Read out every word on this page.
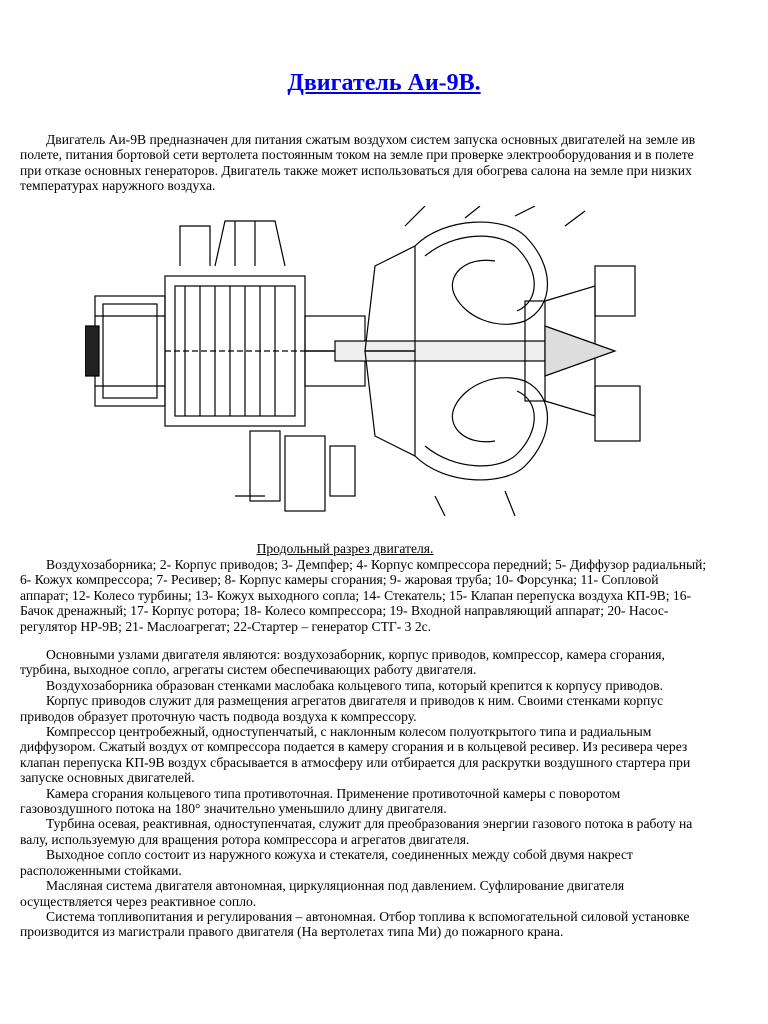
Двигатель Аи-9В.

Двигатель Аи-9В предназначен для питания сжатым воздухом систем запуска основных двигателей на земле ив полете, питания бортовой сети вертолета постоянным током на земле при проверке электрооборудования и в полете при отказе основных генераторов. Двигатель также может использоваться для обогрева салона на земле при низких температурах наружного воздуха.

Продольный разрез двигателя.

Воздухозаборника; 2- Корпус приводов; 3- Демпфер; 4- Корпус компрессора передний; 5- Диффузор радиальный; 6- Кожух компрессора; 7- Ресивер; 8- Корпус камеры сгорания; 9- жаровая труба; 10- Форсунка; 11- Сопловой аппарат; 12- Колесо турбины; 13- Кожух выходного сопла; 14- Стекатель; 15- Клапан перепуска воздуха КП-9В; 16- Бачок дренажный; 17- Корпус ротора; 18- Колесо компрессора; 19- Входной направляющий аппарат; 20- Насос-регулятор НР-9В; 21- Маслоагрегат; 22-Стартер – генератор СТГ- 3 2с.

Основными узлами двигателя являются: воздухозаборник, корпус приводов, компрессор, камера сгорания, турбина, выходное сопло, агрегаты систем обеспечивающих работу двигателя.

Воздухозаборника образован стенками маслобака кольцевого типа, который крепится к корпусу приводов.

Корпус приводов служит для размещения агрегатов двигателя и приводов к ним. Своими стенками корпус приводов образует проточную часть подвода воздуха к компрессору.

Компрессор центробежный, одноступенчатый, с наклонным колесом полуоткрытого типа и радиальным диффузором. Сжатый воздух от компрессора подается в камеру сгорания и в кольцевой ресивер. Из ресивера через клапан перепуска КП-9В воздух сбрасывается в атмосферу или отбирается для раскрутки воздушного стартера при запуске основных двигателей.

Камера сгорания кольцевого типа противоточная. Применение противоточной камеры с поворотом газовоздушного потока на 180° значительно уменьшило длину двигателя.

Турбина осевая, реактивная, одноступенчатая, служит для преобразования энергии газового потока в работу на валу, используемую для вращения ротора компрессора и агрегатов двигателя.

Выходное сопло состоит из наружного кожуха и стекателя, соединенных между собой двумя накрест расположенными стойками.

Масляная система двигателя автономная, циркуляционная под давлением. Суфлирование двигателя осуществляется через реактивное сопло.

Система топливопитания и регулирования – автономная. Отбор топлива к вспомогательной силовой установке производится из магистрали правого двигателя (На вертолетах типа Ми) до пожарного крана.
